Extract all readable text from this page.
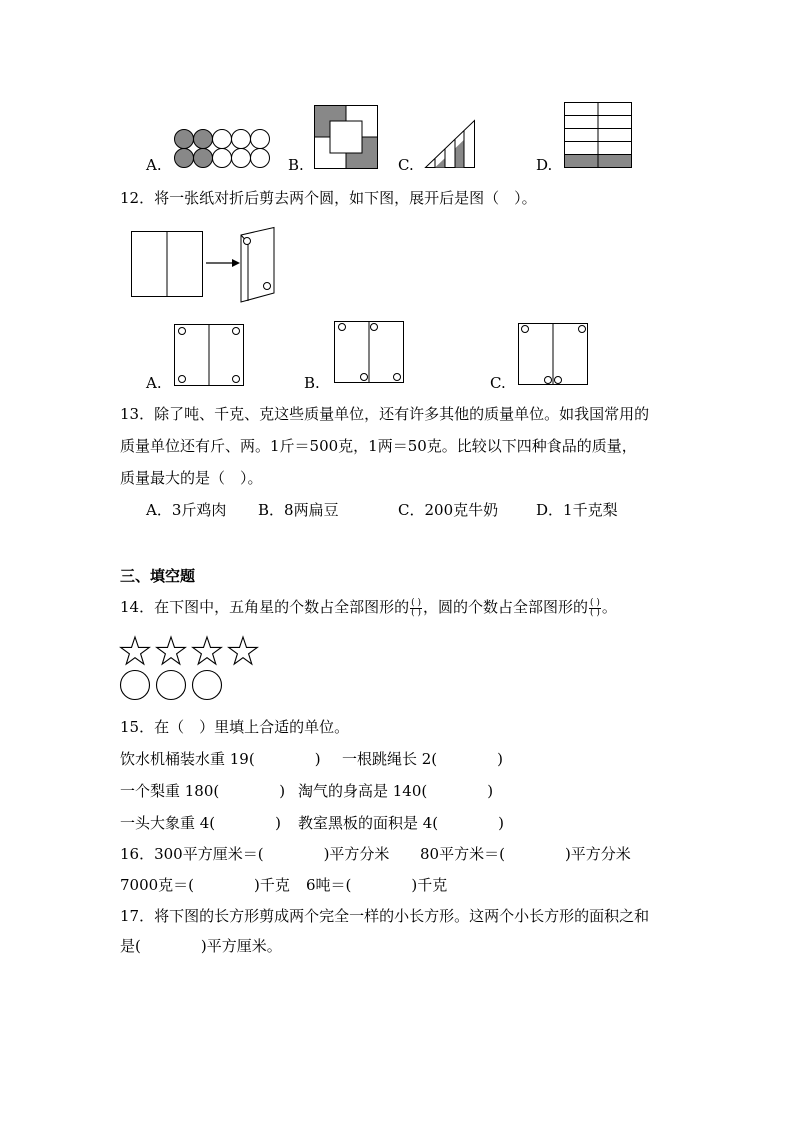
A.	B.	C.	D.
12．将一张纸对折后剪去两个圆，如下图，展开后是图（　）。
A.	B.	C.
13．除了吨、千克、克这些质量单位，还有许多其他的质量单位。如我国常用的
质量单位还有斤、两。1斤＝500克，1两＝50克。比较以下四种食品的质量，
质量最大的是（　）。
A．3斤鸡肉 B．8两扁豆	C．200克牛奶	D．1千克梨
三、填空题
14．在下图中，五角星的个数占全部图形的 $\frac{( )}{( )}$ ，圆的个数占全部图形的 $\frac{( )}{( )}$ 。
15．在（　）里填上合适的单位。
饮水机桶装水重 19(　　　　) 一根跳绳长 2(　　　　)
一个梨重 180(　　　　) 淘气的身高是 140(　　　　)
一头大象重 4(　　　　) 教室黑板的面积是 4(　　　　)
16．300平方厘米＝(　　　　)平方分米 80平方米＝(　　　　)平方分米
7000克＝(　　　　)千克 6吨＝(　　　　)千克
17．将下图的长方形剪成两个完全一样的小长方形。这两个小长方形的面积之和
是(　　　　)平方厘米。
